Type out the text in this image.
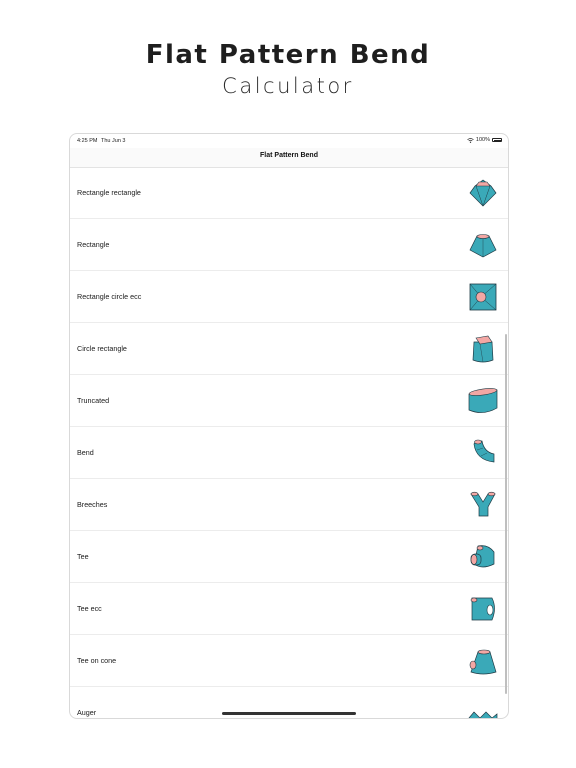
Flat Pattern Bend
Calculator
4:25 PM Thu Jun 3	100%
Flat Pattern Bend
Rectangle rectangle
Rectangle
Rectangle circle ecc
Circle rectangle
Truncated
Bend
Breeches
Tee
Tee ecc
Tee on cone
Auger
